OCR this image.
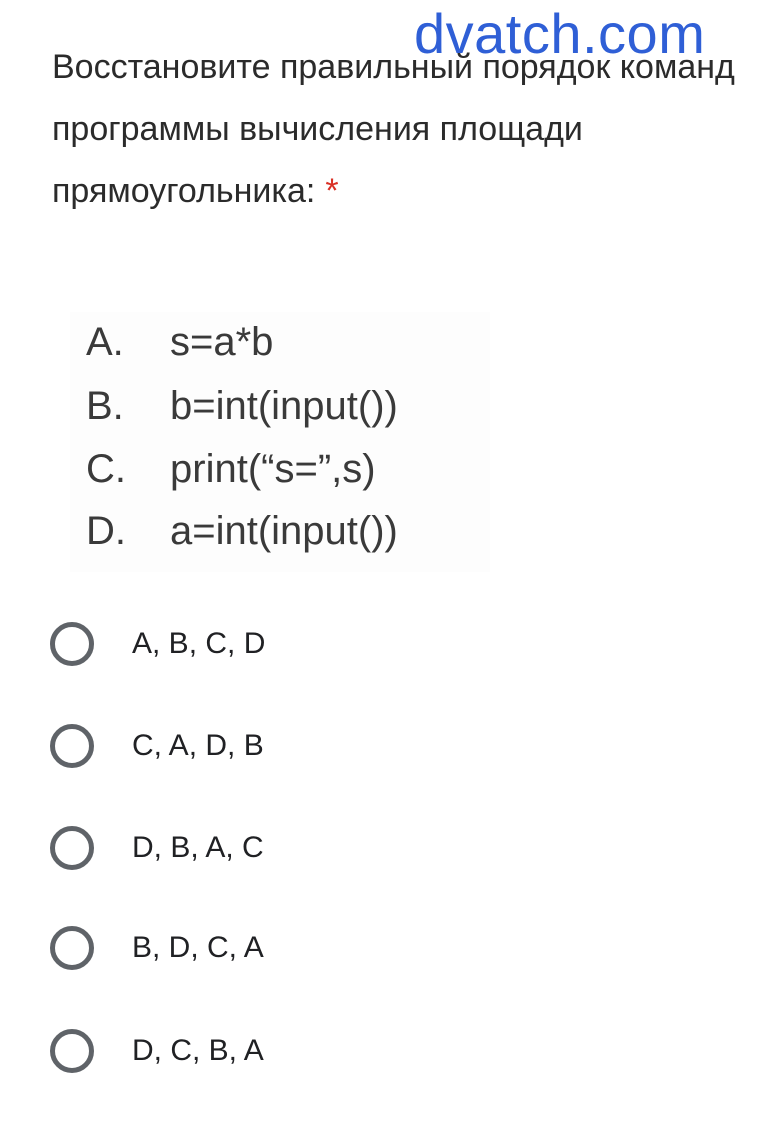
dvatch.com
Восстановите правильный порядок команд программы вычисления площади прямоугольника: *
A. s=a*b
B. b=int(input())
C. print(“s=”,s)
D. a=int(input())
A, B, C, D
C, A, D, B
D, B, A, C
B, D, C, A
D, C, B, A
